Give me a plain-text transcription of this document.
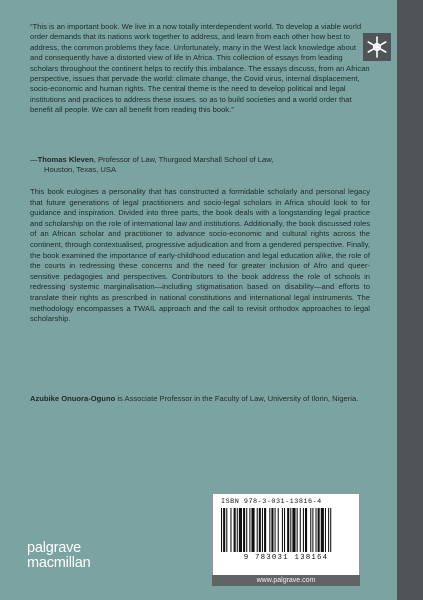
“This is an important book. We live in a now totally interdependent world. To develop a viable world order demands that its nations work together to address, and learn from each other how best to address, the common problems they face. Unfortunately, many in the West lack knowledge about and consequently have a distorted view of life in Africa. This collection of essays from leading scholars throughout the continent helps to rectify this imbalance. The essays discuss, from an African perspective, issues that pervade the world: climate change, the Covid virus, internal displacement, socio-economic and human rights. The central theme is the need to develop political and legal institutions and practices to address these issues. so as to build societies and a world order that benefit all people. We can all benefit from reading this book.”
—Thomas Kleven, Professor of Law, Thurgood Marshall School of Law,
Houston, Texas, USA
This book eulogises a personality that has constructed a formidable scholarly and personal legacy that future generations of legal practitioners and socio-legal scholars in Africa should look to for guidance and inspiration. Divided into three parts, the book deals with a longstanding legal practice and scholarship on the role of international law and institutions. Additionally, the book discussed roles of an African scholar and practitioner to advance socio-economic and cultural rights across the continent, through contextualised, progressive adjudication and from a gendered perspective. Finally, the book examined the importance of early-childhood education and legal education alike, the role of the courts in redressing these concerns and the need for greater inclusion of Afro and queer-sensitive pedagogies and perspectives. Contributors to the book address the role of schools in redressing systemic marginalisation—including stigmatisation based on disability—and efforts to translate their rights as prescribed in national constitutions and international legal instruments. The methodology encompasses a TWAIL approach and the call to revisit orthodox approaches to legal scholarship.
Azubike Onuora-Oguno is Associate Professor in the Faculty of Law, University of Ilorin, Nigeria.
ISBN 978-3-031-13816-4
9 783031 138164
www.palgrave.com
palgrave
macmillan
